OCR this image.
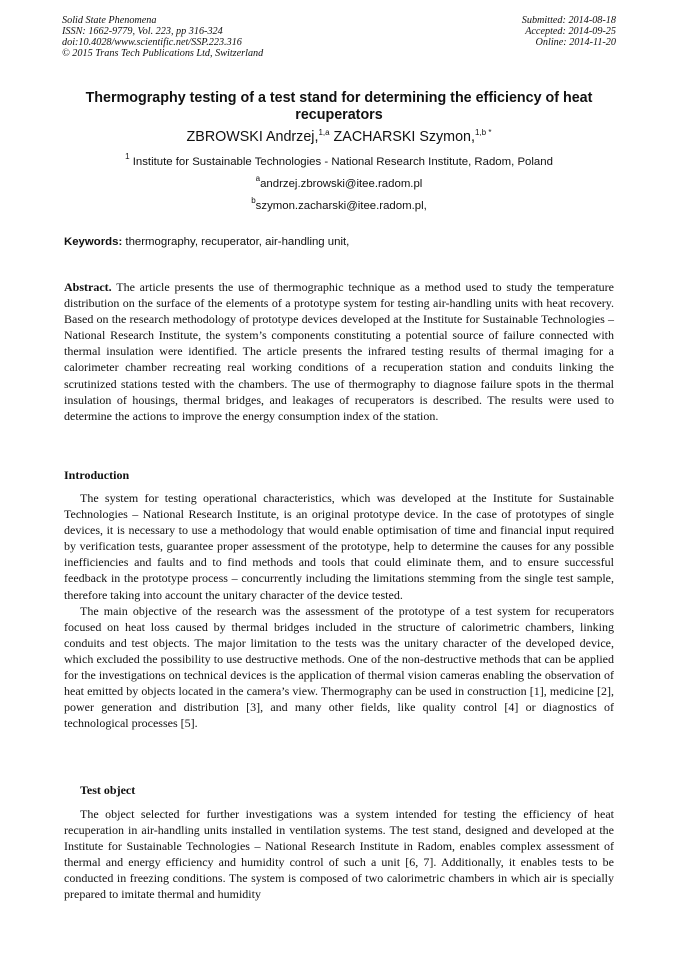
Solid State Phenomena
ISSN: 1662-9779, Vol. 223, pp 316-324
doi:10.4028/www.scientific.net/SSP.223.316
© 2015 Trans Tech Publications Ltd, Switzerland
Submitted: 2014-08-18
Accepted: 2014-09-25
Online: 2014-11-20
Thermography testing of a test stand for determining the efficiency of heat recuperators
ZBROWSKI Andrzej,$^{1,a}$ ZACHARSKI Szymon,$^{1,b *}$
$^1$ Institute for Sustainable Technologies - National Research Institute, Radom, Poland
$^a$andrzej.zbrowski@itee.radom.pl
$^b$szymon.zacharski@itee.radom.pl,
Keywords: thermography, recuperator, air-handling unit,

Abstract. The article presents the use of thermographic technique as a method used to study the temperature distribution on the surface of the elements of a prototype system for testing air-handling units with heat recovery. Based on the research methodology of prototype devices developed at the Institute for Sustainable Technologies – National Research Institute, the system’s components constituting a potential source of failure connected with thermal insulation were identified. The article presents the infrared testing results of thermal imaging for a calorimeter chamber recreating real working conditions of a recuperation station and conduits linking the scrutinized stations tested with the chambers. The use of thermography to diagnose failure spots in the thermal insulation of housings, thermal bridges, and leakages of recuperators is described. The results were used to determine the actions to improve the energy consumption index of the station.

Introduction

The system for testing operational characteristics, which was developed at the Institute for Sustainable Technologies – National Research Institute, is an original prototype device. In the case of prototypes of single devices, it is necessary to use a methodology that would enable optimisation of time and financial input required by verification tests, guarantee proper assessment of the prototype, help to determine the causes for any possible inefficiencies and faults and to find methods and tools that could eliminate them, and to ensure successful feedback in the prototype process – concurrently including the limitations stemming from the single test sample, therefore taking into account the unitary character of the device tested.

The main objective of the research was the assessment of the prototype of a test system for recuperators focused on heat loss caused by thermal bridges included in the structure of calorimetric chambers, linking conduits and test objects. The major limitation to the tests was the unitary character of the developed device, which excluded the possibility to use destructive methods. One of the non-destructive methods that can be applied for the investigations on technical devices is the application of thermal vision cameras enabling the observation of heat emitted by objects located in the camera’s view. Thermography can be used in construction [1], medicine [2], power generation and distribution [3], and many other fields, like quality control [4] or diagnostics of technological processes [5].

Test object

The object selected for further investigations was a system intended for testing the efficiency of heat recuperation in air-handling units installed in ventilation systems. The test stand, designed and developed at the Institute for Sustainable Technologies – National Research Institute in Radom, enables complex assessment of thermal and energy efficiency and humidity control of such a unit [6, 7]. Additionally, it enables tests to be conducted in freezing conditions. The system is composed of two calorimetric chambers in which air is specially prepared to imitate thermal and humidity
